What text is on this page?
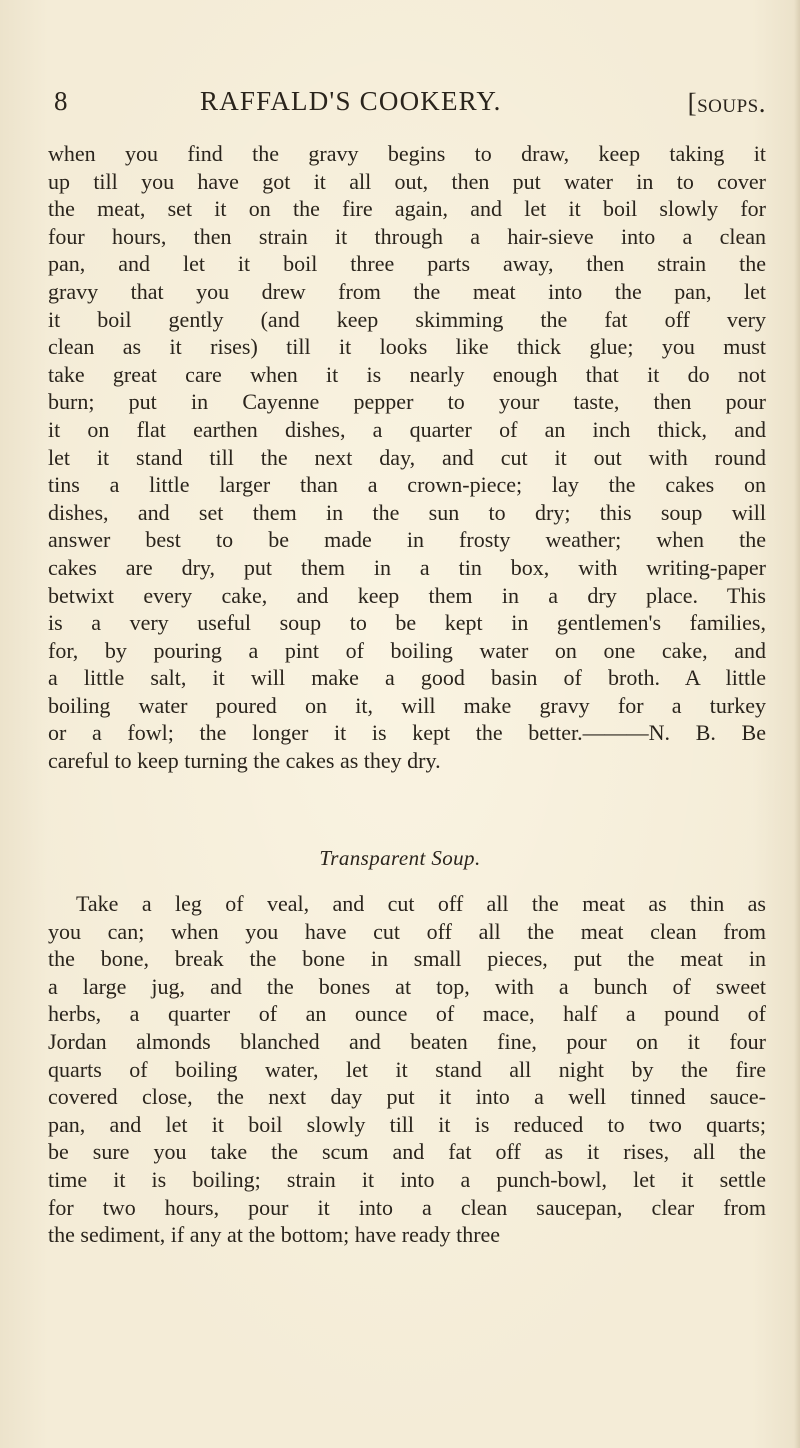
8	RAFFALD'S COOKERY.	[soups.
when you find the gravy begins to draw, keep taking it
up till you have got it all out, then put water in to cover
the meat, set it on the fire again, and let it boil slowly for
four hours, then strain it through a hair-sieve into a clean
pan, and let it boil three parts away, then strain the
gravy that you drew from the meat into the pan, let
it boil gently (and keep skimming the fat off very
clean as it rises) till it looks like thick glue; you must
take great care when it is nearly enough that it do not
burn; put in Cayenne pepper to your taste, then pour
it on flat earthen dishes, a quarter of an inch thick, and
let it stand till the next day, and cut it out with round
tins a little larger than a crown-piece; lay the cakes on
dishes, and set them in the sun to dry; this soup will
answer best to be made in frosty weather; when the
cakes are dry, put them in a tin box, with writing-paper
betwixt every cake, and keep them in a dry place. This
is a very useful soup to be kept in gentlemen's families,
for, by pouring a pint of boiling water on one cake, and
a little salt, it will make a good basin of broth. A little
boiling water poured on it, will make gravy for a turkey
or a fowl; the longer it is kept the better.———N. B. Be
careful to keep turning the cakes as they dry.
Transparent Soup.
Take a leg of veal, and cut off all the meat as thin as
you can; when you have cut off all the meat clean from
the bone, break the bone in small pieces, put the meat in
a large jug, and the bones at top, with a bunch of sweet
herbs, a quarter of an ounce of mace, half a pound of
Jordan almonds blanched and beaten fine, pour on it four
quarts of boiling water, let it stand all night by the fire
covered close, the next day put it into a well tinned sauce-
pan, and let it boil slowly till it is reduced to two quarts;
be sure you take the scum and fat off as it rises, all the
time it is boiling; strain it into a punch-bowl, let it settle
for two hours, pour it into a clean saucepan, clear from
the sediment, if any at the bottom; have ready three
